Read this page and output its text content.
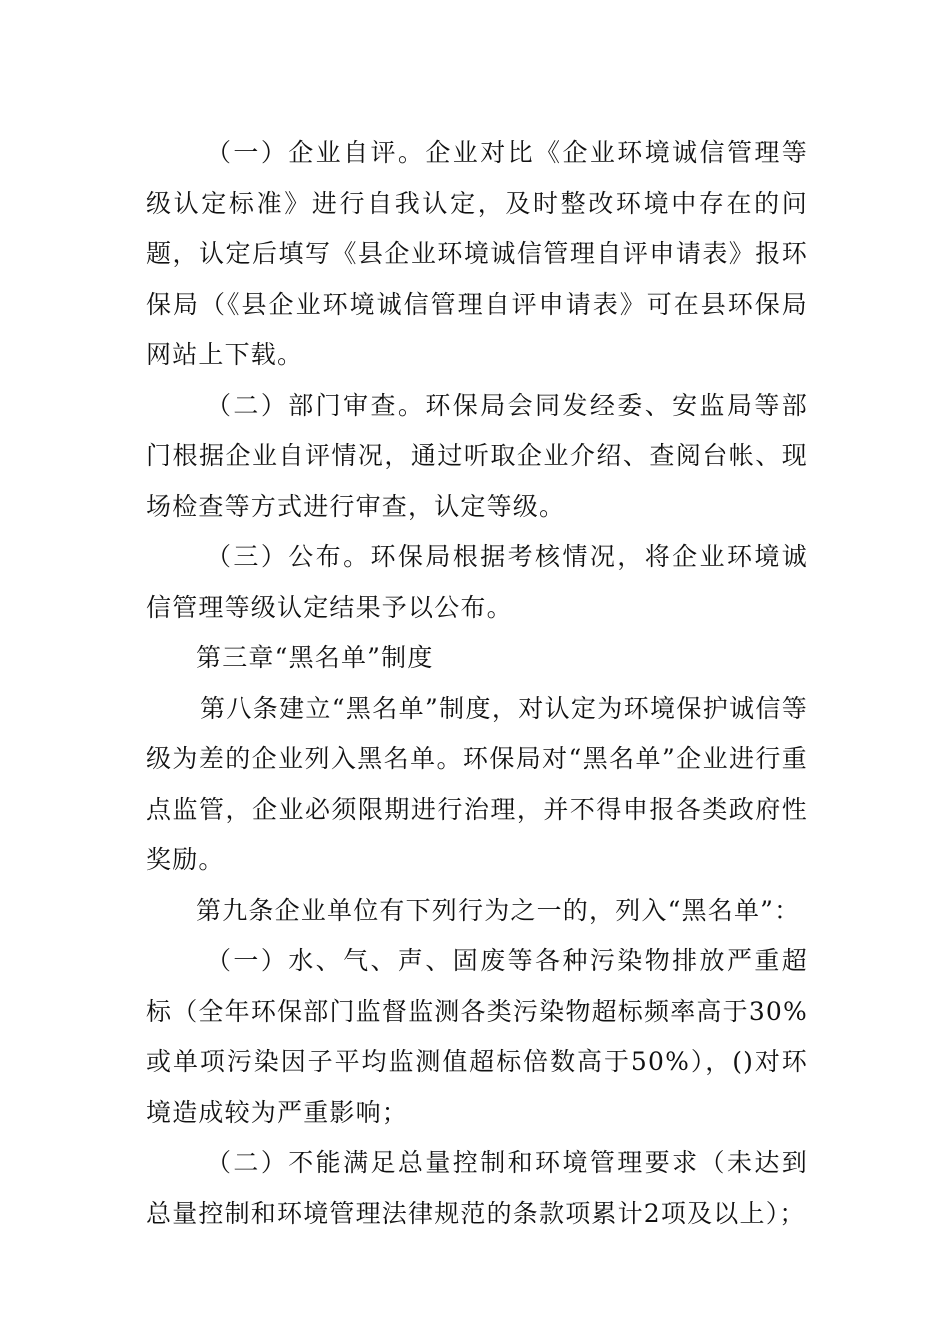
（一）企业自评。企业对比《企业环境诚信管理等级认定标准》进行自我认定，及时整改环境中存在的问题，认定后填写《县企业环境诚信管理自评申请表》报环保局（《县企业环境诚信管理自评申请表》可在县环保局网站上下载。

（二）部门审查。环保局会同发经委、安监局等部门根据企业自评情况，通过听取企业介绍、查阅台帐、现场检查等方式进行审查，认定等级。

（三）公布。环保局根据考核情况，将企业环境诚信管理等级认定结果予以公布。

第三章“黑名单”制度

第八条建立“黑名单”制度，对认定为环境保护诚信等级为差的企业列入黑名单。环保局对“黑名单”企业进行重点监管，企业必须限期进行治理，并不得申报各类政府性奖励。

第九条企业单位有下列行为之一的，列入“黑名单”：

（一）水、气、声、固废等各种污染物排放严重超标（全年环保部门监督监测各类污染物超标频率高于30%或单项污染因子平均监测值超标倍数高于50%），()对环境造成较为严重影响；

（二）不能满足总量控制和环境管理要求（未达到总量控制和环境管理法律规范的条款项累计2项及以上）；
